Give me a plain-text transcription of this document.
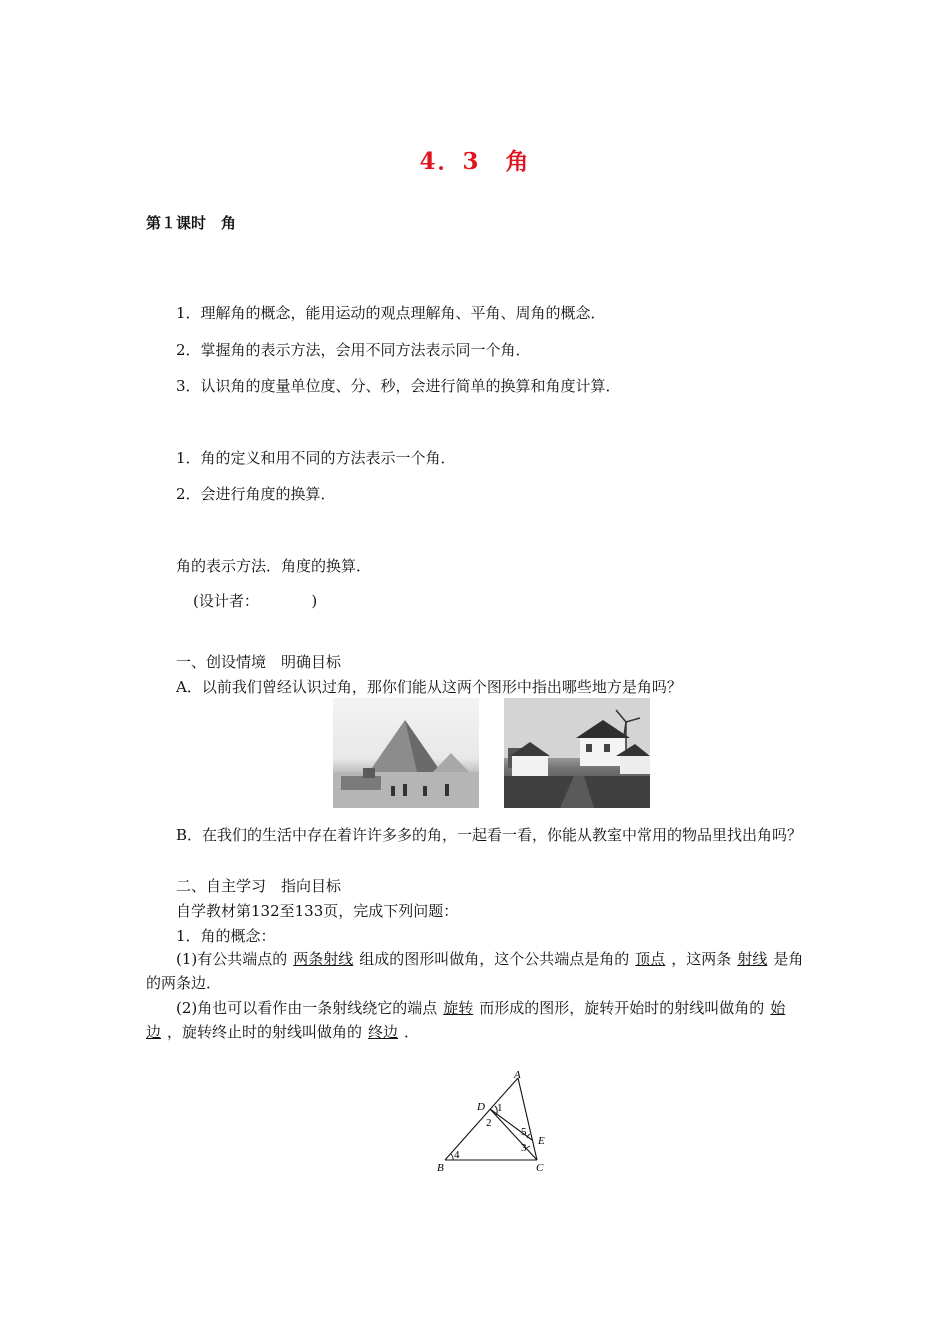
4．3　角
第１课时　角
1．理解角的概念，能用运动的观点理解角、平角、周角的概念．
2．掌握角的表示方法，会用不同方法表示同一个角．
3．认识角的度量单位度、分、秒，会进行简单的换算和角度计算．
1．角的定义和用不同的方法表示一个角．
2．会进行角度的换算．
角的表示方法．角度的换算．
(设计者：　　　　)
一、创设情境　明确目标
A．以前我们曾经认识过角，那你们能从这两个图形中指出哪些地方是角吗？
B．在我们的生活中存在着许许多多的角，一起看一看，你能从教室中常用的物品里找出角吗？
二、自主学习　指向目标
自学教材第132至133页，完成下列问题：
1．角的概念：
(1)有公共端点的 两条射线 组成的图形叫做角，这个公共端点是角的 顶点 ，这两条 射线 是角的两条边．
(2)角也可以看作由一条射线绕它的端点 旋转 而形成的图形，旋转开始时的射线叫做角的 始边 ，旋转终止时的射线叫做角的 终边 ．
A
B	C
D
E
1
2
3
4
5
